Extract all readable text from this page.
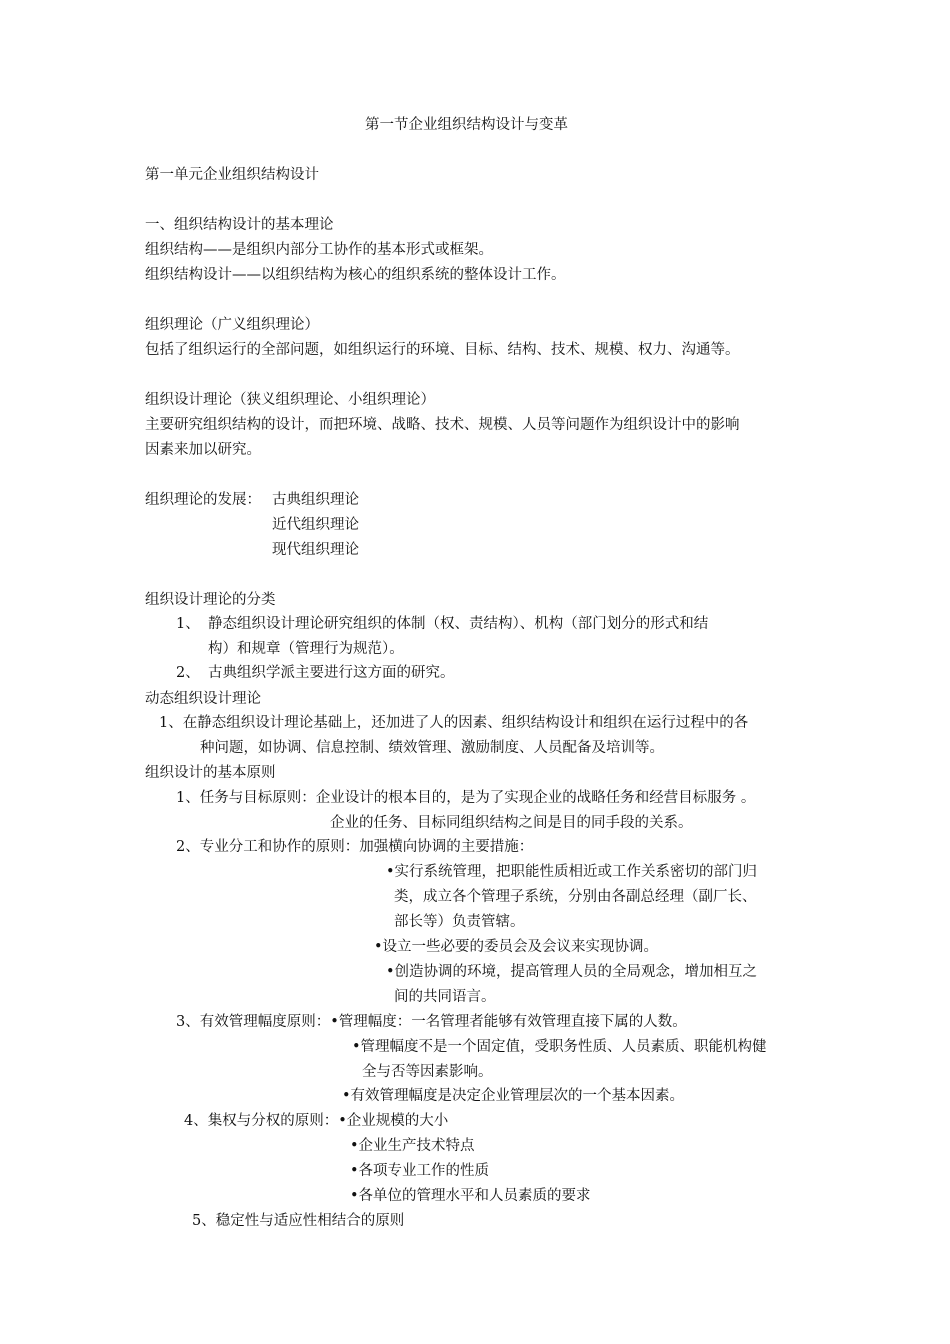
第一节企业组织结构设计与变革
第一单元企业组织结构设计
一、组织结构设计的基本理论
组织结构——是组织内部分工协作的基本形式或框架。
组织结构设计——以组织结构为核心的组织系统的整体设计工作。
组织理论（广义组织理论）
包括了组织运行的全部问题，如组织运行的环境、目标、结构、技术、规模、权力、沟通等。
组织设计理论（狭义组织理论、小组织理论）
主要研究组织结构的设计，而把环境、战略、技术、规模、人员等问题作为组织设计中的影响
因素来加以研究。
组织理论的发展： 古典组织理论
近代组织理论
现代组织理论
组织设计理论的分类
1、 静态组织设计理论研究组织的体制（权、责结构）、机构（部门划分的形式和结
构）和规章（管理行为规范）。
2、 古典组织学派主要进行这方面的研究。
动态组织设计理论
1、在静态组织设计理论基础上，还加进了人的因素、组织结构设计和组织在运行过程中的各
种问题，如协调、信息控制、绩效管理、激励制度、人员配备及培训等。
组织设计的基本原则
1、任务与目标原则：企业设计的根本目的，是为了实现企业的战略任务和经营目标服务 。
企业的任务、目标同组织结构之间是目的同手段的关系。
2、专业分工和协作的原则：加强横向协调的主要措施：
•实行系统管理，把职能性质相近或工作关系密切的部门归
类，成立各个管理子系统，分别由各副总经理（副厂长、
部长等）负责管辖。
•设立一些必要的委员会及会议来实现协调。
•创造协调的环境，提高管理人员的全局观念，增加相互之
间的共同语言。
3、有效管理幅度原则：•管理幅度：一名管理者能够有效管理直接下属的人数。
•管理幅度不是一个固定值，受职务性质、人员素质、职能机构健
全与否等因素影响。
•有效管理幅度是决定企业管理层次的一个基本因素。
4、集权与分权的原则：•企业规模的大小
•企业生产技术特点
•各项专业工作的性质
•各单位的管理水平和人员素质的要求
5、稳定性与适应性相结合的原则
